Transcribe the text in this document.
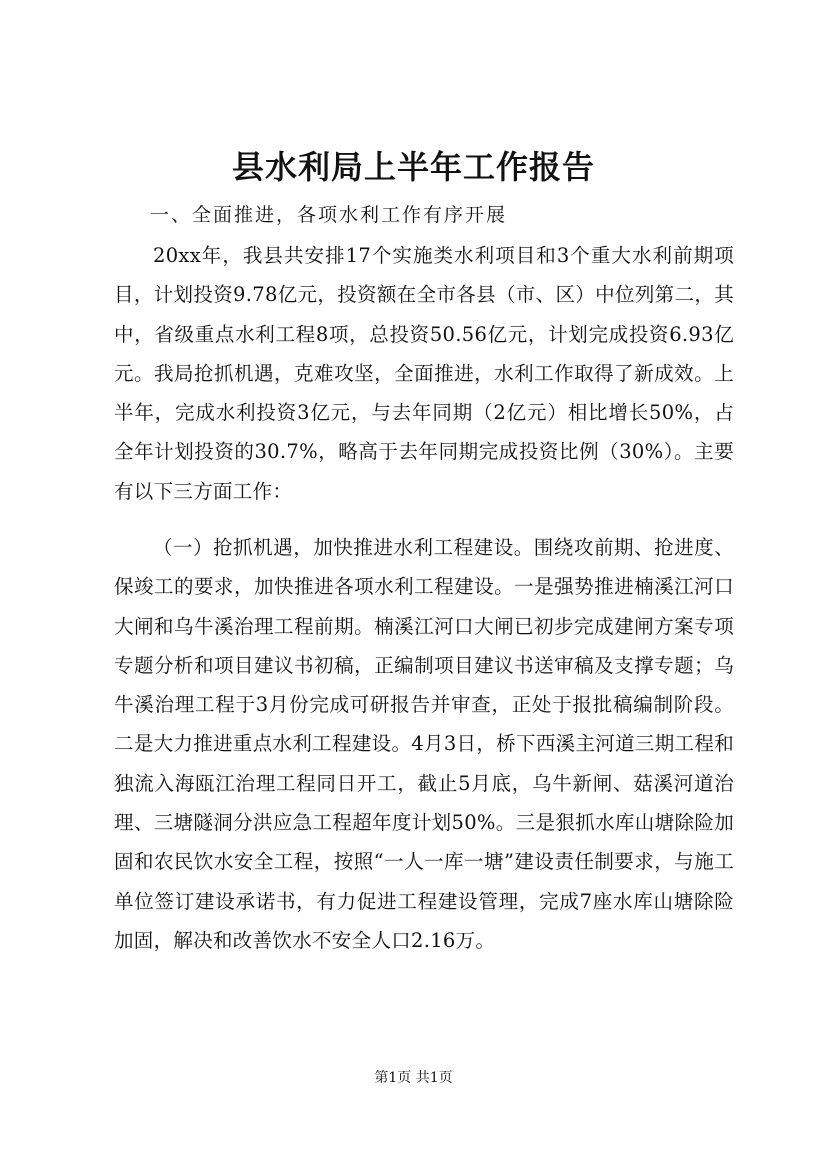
县水利局上半年工作报告
一、全面推进，各项水利工作有序开展

20xx年，我县共安排17个实施类水利项目和3个重大水利前期项目，计划投资9.78亿元，投资额在全市各县（市、区）中位列第二，其中，省级重点水利工程8项，总投资50.56亿元，计划完成投资6.93亿元。我局抢抓机遇，克难攻坚，全面推进，水利工作取得了新成效。上半年，完成水利投资3亿元，与去年同期（2亿元）相比增长50%，占全年计划投资的30.7%，略高于去年同期完成投资比例（30%）。主要有以下三方面工作：

（一）抢抓机遇，加快推进水利工程建设。围绕攻前期、抢进度、保竣工的要求，加快推进各项水利工程建设。一是强势推进楠溪江河口大闸和乌牛溪治理工程前期。楠溪江河口大闸已初步完成建闸方案专项专题分析和项目建议书初稿，正编制项目建议书送审稿及支撑专题；乌牛溪治理工程于3月份完成可研报告并审查，正处于报批稿编制阶段。二是大力推进重点水利工程建设。4月3日，桥下西溪主河道三期工程和独流入海瓯江治理工程同日开工，截止5月底，乌牛新闸、菇溪河道治理、三塘隧洞分洪应急工程超年度计划50%。三是狠抓水库山塘除险加固和农民饮水安全工程，按照“一人一库一塘”建设责任制要求，与施工单位签订建设承诺书，有力促进工程建设管理，完成7座水库山塘除险加固，解决和改善饮水不安全人口2.16万。

第1页 共1页
